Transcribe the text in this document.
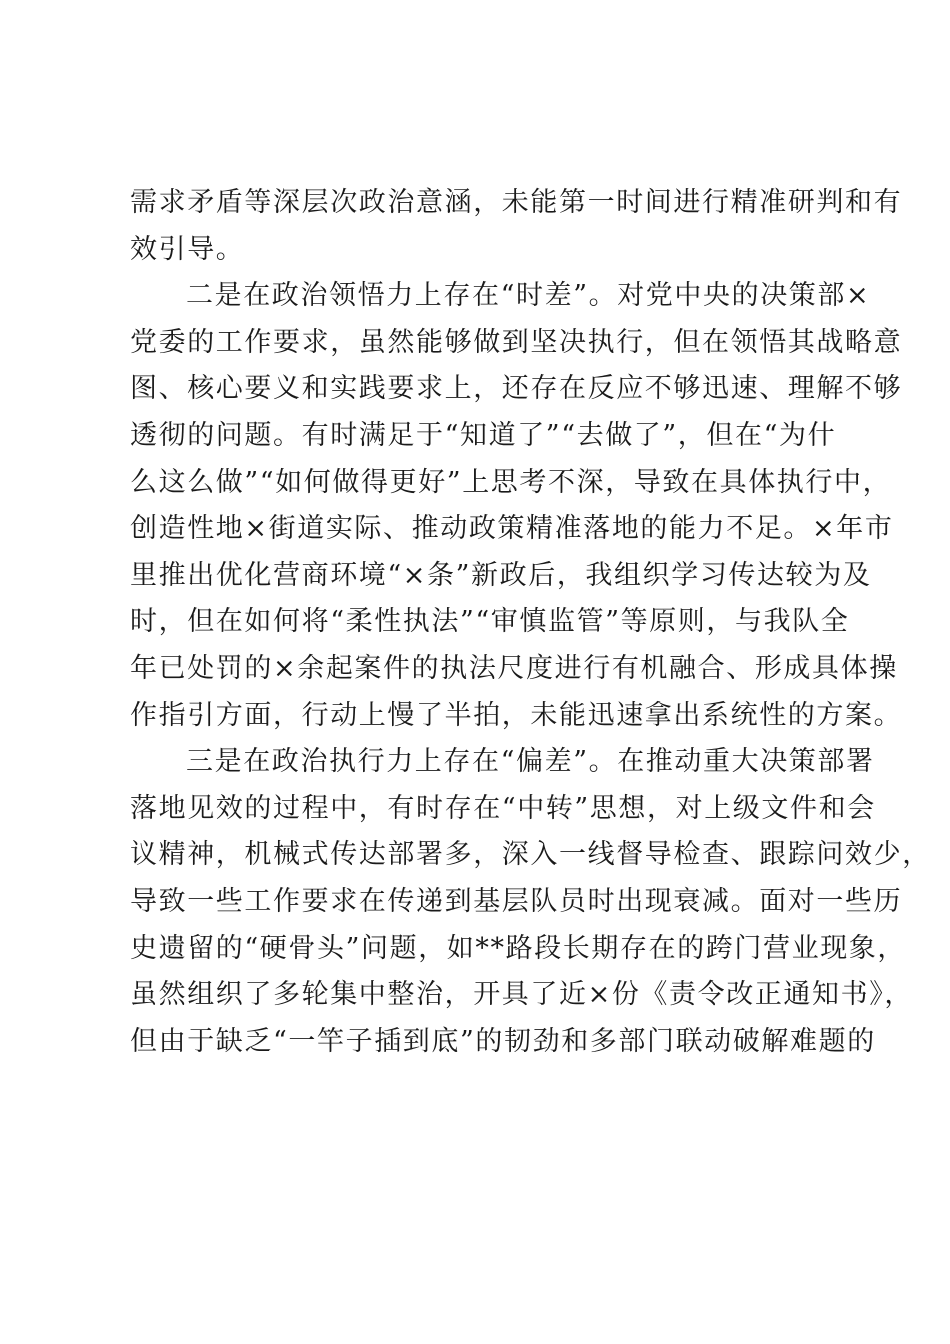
需求矛盾等深层次政治意涵，未能第一时间进行精准研判和有
效引导。
二是在政治领悟力上存在“时差”。对党中央的决策部×
党委的工作要求，虽然能够做到坚决执行，但在领悟其战略意
图、核心要义和实践要求上，还存在反应不够迅速、理解不够
透彻的问题。有时满足于“知道了”“去做了”，但在“为什
么这么做”“如何做得更好”上思考不深，导致在具体执行中，
创造性地×街道实际、推动政策精准落地的能力不足。×年市
里推出优化营商环境“×条”新政后，我组织学习传达较为及
时，但在如何将“柔性执法”“审慎监管”等原则，与我队全
年已处罚的×余起案件的执法尺度进行有机融合、形成具体操
作指引方面，行动上慢了半拍，未能迅速拿出系统性的方案。
三是在政治执行力上存在“偏差”。在推动重大决策部署
落地见效的过程中，有时存在“中转”思想，对上级文件和会
议精神，机械式传达部署多，深入一线督导检查、跟踪问效少，
导致一些工作要求在传递到基层队员时出现衰减。面对一些历
史遗留的“硬骨头”问题，如**路段长期存在的跨门营业现象，
虽然组织了多轮集中整治，开具了近×份《责令改正通知书》，
但由于缺乏“一竿子插到底”的韧劲和多部门联动破解难题的
